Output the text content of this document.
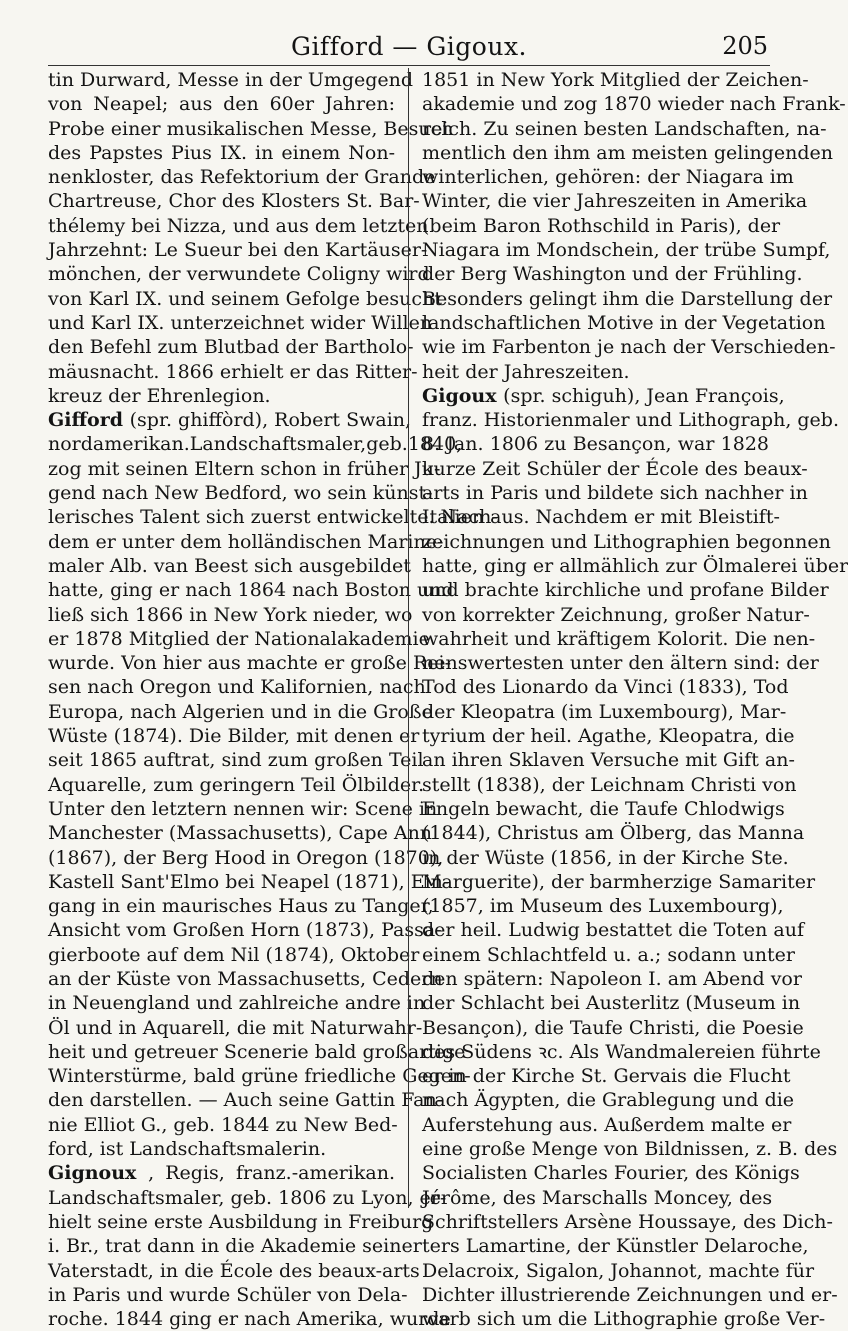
Gifford — Gigoux.	205
tin Durward, Messe in der Umgegend
von Neapel; aus den 60er Jahren:
Probe einer musikalischen Messe, Besuch
des Papstes Pius IX. in einem Non-
nenkloster, das Refektorium der Grande
Chartreuse, Chor des Klosters St. Bar-
thélemy bei Nizza, und aus dem letzten
Jahrzehnt: Le Sueur bei den Kartäuser-
mönchen, der verwundete Coligny wird
von Karl IX. und seinem Gefolge besucht
und Karl IX. unterzeichnet wider Willen
den Befehl zum Blutbad der Bartholo-
mäusnacht. 1866 erhielt er das Ritter-
kreuz der Ehrenlegion.
Gifford (spr. ghiffòrd), Robert Swain,
nordamerikan.Landschaftsmaler,geb.1840,
zog mit seinen Eltern schon in früher Ju-
gend nach New Bedford, wo sein künst-
lerisches Talent sich zuerst entwickelte. Nach-
dem er unter dem holländischen Marine-
maler Alb. van Beest sich ausgebildet
hatte, ging er nach 1864 nach Boston und
ließ sich 1866 in New York nieder, wo
er 1878 Mitglied der Nationalakademie
wurde. Von hier aus machte er große Rei-
sen nach Oregon und Kalifornien, nach
Europa, nach Algerien und in die Große
Wüste (1874). Die Bilder, mit denen er
seit 1865 auftrat, sind zum großen Teil
Aquarelle, zum geringern Teil Ölbilder.
Unter den letztern nennen wir: Scene in
Manchester (Massachusetts), Cape Ann
(1867), der Berg Hood in Oregon (1870),
Kastell Sant'Elmo bei Neapel (1871), Ein-
gang in ein maurisches Haus zu Tanger,
Ansicht vom Großen Horn (1873), Passa-
gierboote auf dem Nil (1874), Oktober
an der Küste von Massachusetts, Cedern
in Neuengland und zahlreiche andre in
Öl und in Aquarell, die mit Naturwahr-
heit und getreuer Scenerie bald großartige
Winterstürme, bald grüne friedliche Gegen-
den darstellen. — Auch seine Gattin Fan-
nie Elliot G., geb. 1844 zu New Bed-
ford, ist Landschaftsmalerin.
Gignoux , Regis, franz.-amerikan.
Landschaftsmaler, geb. 1806 zu Lyon, er-
hielt seine erste Ausbildung in Freiburg
i. Br., trat dann in die Akademie seiner
Vaterstadt, in die École des beaux-arts
in Paris und wurde Schüler von Dela-
roche. 1844 ging er nach Amerika, wurde
1851 in New York Mitglied der Zeichen-
akademie und zog 1870 wieder nach Frank-
reich. Zu seinen besten Landschaften, na-
mentlich den ihm am meisten gelingenden
winterlichen, gehören: der Niagara im
Winter, die vier Jahreszeiten in Amerika
(beim Baron Rothschild in Paris), der
Niagara im Mondschein, der trübe Sumpf,
der Berg Washington und der Frühling.
Besonders gelingt ihm die Darstellung der
landschaftlichen Motive in der Vegetation
wie im Farbenton je nach der Verschieden-
heit der Jahreszeiten.
Gigoux (spr. schiguh), Jean François,
franz. Historienmaler und Lithograph, geb.
8. Jan. 1806 zu Besançon, war 1828
kurze Zeit Schüler der École des beaux-
arts in Paris und bildete sich nachher in
Italien aus. Nachdem er mit Bleistift-
zeichnungen und Lithographien begonnen
hatte, ging er allmählich zur Ölmalerei über
und brachte kirchliche und profane Bilder
von korrekter Zeichnung, großer Natur-
wahrheit und kräftigem Kolorit. Die nen-
nenswertesten unter den ältern sind: der
Tod des Lionardo da Vinci (1833), Tod
der Kleopatra (im Luxembourg), Mar-
tyrium der heil. Agathe, Kleopatra, die
an ihren Sklaven Versuche mit Gift an-
stellt (1838), der Leichnam Christi von
Engeln bewacht, die Taufe Chlodwigs
(1844), Christus am Ölberg, das Manna
in der Wüste (1856, in der Kirche Ste.
Marguerite), der barmherzige Samariter
(1857, im Museum des Luxembourg),
der heil. Ludwig bestattet die Toten auf
einem Schlachtfeld u. a.; sodann unter
den spätern: Napoleon I. am Abend vor
der Schlacht bei Austerlitz (Museum in
Besançon), die Taufe Christi, die Poesie
des Südens ꝛc. Als Wandmalereien führte
er in der Kirche St. Gervais die Flucht
nach Ägypten, die Grablegung und die
Auferstehung aus. Außerdem malte er
eine große Menge von Bildnissen, z. B. des
Socialisten Charles Fourier, des Königs
Jérôme, des Marschalls Moncey, des
Schriftstellers Arsène Houssaye, des Dich-
ters Lamartine, der Künstler Delaroche,
Delacroix, Sigalon, Johannot, machte für
Dichter illustrierende Zeichnungen und er-
warb sich um die Lithographie große Ver-
